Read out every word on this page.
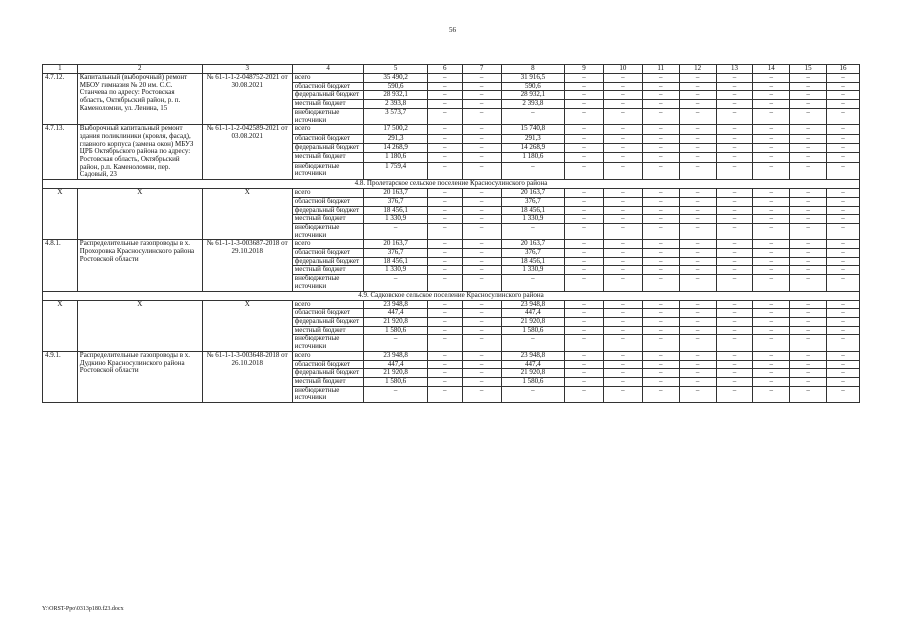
56
1	2	3	4	5	6	7	8	9	10	11	12	13	14	15	16
4.7.12.	Капитальный (выборочный) ремонт МБОУ гимназия № 20 им. С.С. Станчева по адресу: Ростовская область, Октябрьский район, р. п. Каменоломни, ул. Ленина, 15	№ 61-1-1-2-048752-2021 от 30.08.2021	всего	35 490,2	–	–	31 916,5	–	–	–	–	–	–	–	–
			областной бюджет	590,6	–	–	590,6	–	–	–	–	–	–	–	–
			федеральный бюджет	28 932,1	–	–	28 932,1	–	–	–	–	–	–	–	–
			местный бюджет	2 393,8	–	–	2 393,8	–	–	–	–	–	–	–	–
			внебюджетные источники	3 573,7	–	–	–	–	–	–	–	–	–	–	–
4.7.13.	Выборочный капитальный ремонт здания поликлиники (кровля, фасад), главного корпуса (замена окон) МБУЗ ЦРБ Октябрьского района по адресу: Ростовская область, Октябрьский район, р.п. Каменоломни, пер. Садовый, 23	№ 61-1-1-2-042589-2021 от 03.08.2021	всего	17 500,2	–	–	15 740,8	–	–	–	–	–	–	–	–
			областной бюджет	291,3	–	–	291,3	–	–	–	–	–	–	–	–
			федеральный бюджет	14 268,9	–	–	14 268,9	–	–	–	–	–	–	–	–
			местный бюджет	1 180,6	–	–	1 180,6	–	–	–	–	–	–	–	–
			внебюджетные источники	1 759,4	–	–	–	–	–	–	–	–	–	–	–
4.8. Пролетарское сельское поселение Красносулинского района															
Х	Х	Х	всего	20 163,7	–	–	20 163,7	–	–	–	–	–	–	–	–
			областной бюджет	376,7	–	–	376,7	–	–	–	–	–	–	–	–
			федеральный бюджет	18 456,1	–	–	18 456,1	–	–	–	–	–	–	–	–
			местный бюджет	1 330,9	–	–	1 330,9	–	–	–	–	–	–	–	–
			внебюджетные источники	–	–	–	–	–	–	–	–	–	–	–	–
4.8.1.	Распределительные газопроводы в х. Прохоровка Красносулинского района Ростовской области	№ 61-1-1-3-003687-2018 от 29.10.2018	всего	20 163,7	–	–	20 163,7	–	–	–	–	–	–	–	–
			областной бюджет	376,7	–	–	376,7	–	–	–	–	–	–	–	–
			федеральный бюджет	18 456,1	–	–	18 456,1	–	–	–	–	–	–	–	–
			местный бюджет	1 330,9	–	–	1 330,9	–	–	–	–	–	–	–	–
			внебюджетные источники	–	–	–	–	–	–	–	–	–	–	–	–
4.9. Садковское сельское поселение Красносулинского района															
Х	Х	Х	всего	23 948,8	–	–	23 948,8	–	–	–	–	–	–	–	–
			областной бюджет	447,4	–	–	447,4	–	–	–	–	–	–	–	–
			федеральный бюджет	21 920,8	–	–	21 920,8	–	–	–	–	–	–	–	–
			местный бюджет	1 580,6	–	–	1 580,6	–	–	–	–	–	–	–	–
			внебюджетные источники	–	–	–	–	–	–	–	–	–	–	–	–
4.9.1.	Распределительные газопроводы в х. Дудкино Красносулинского района Ростовской области	№ 61-1-1-3-003648-2018 от 26.10.2018	всего	23 948,8	–	–	23 948,8	–	–	–	–	–	–	–	–
			областной бюджет	447,4	–	–	447,4	–	–	–	–	–	–	–	–
			федеральный бюджет	21 920,8	–	–	21 920,8	–	–	–	–	–	–	–	–
			местный бюджет	1 580,6	–	–	1 580,6	–	–	–	–	–	–	–	–
			внебюджетные источники	–	–	–	–	–	–	–	–	–	–	–	–
Y:\ORST-Ppo\0313p180.f23.docx
